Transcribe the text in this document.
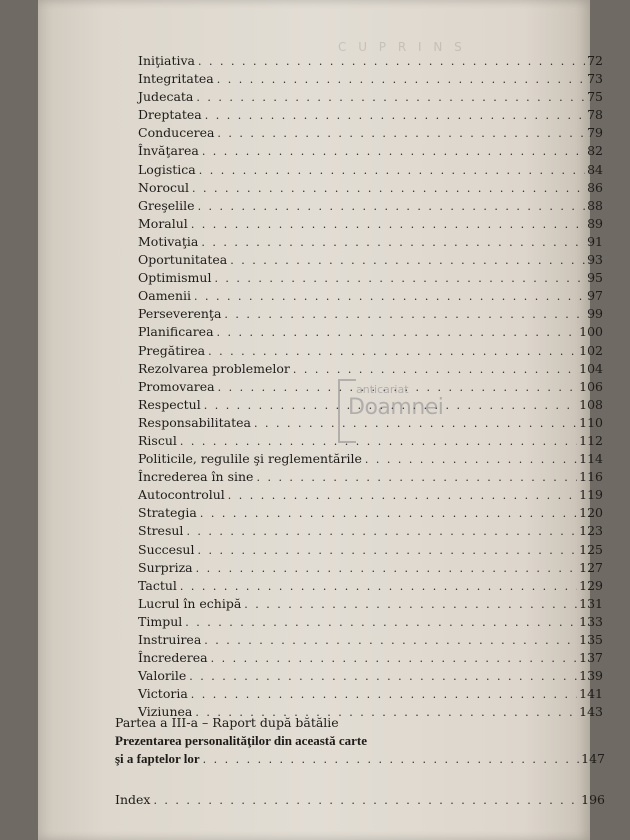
C U P R I N S
Iniţiativa . . .	72
Integritatea . . .	73
Judecata . . .	75
Dreptatea . . .	78
Conducerea . . .	79
Învăţarea . . .	82
Logistica . . .	84
Norocul . . .	86
Greşelile . . .	88
Moralul . . .	89
Motivaţia . . .	91
Oportunitatea . . .	93
Optimismul . . .	95
Oamenii . . .	97
Perseverenţa . . .	99
Planificarea . . .	100
Pregătirea . . .	102
Rezolvarea problemelor . . .	104
Promovarea . . .	106
Respectul . . .	108
Responsabilitatea . . .	110
Riscul . . .	112
Politicile, regulile şi reglementările . . .	114
Încrederea în sine . . .	116
Autocontrolul . . .	119
Strategia . . .	120
Stresul . . .	123
Succesul . . .	125
Surpriza . . .	127
Tactul . . .	129
Lucrul în echipă . . .	131
Timpul . . .	133
Instruirea . . .	135
Încrederea . . .	137
Valorile . . .	139
Victoria . . .	141
Viziunea . . .	143
anticariat
Doamnei
Partea a III-a – Raport după bătălie
Prezentarea personalităţilor din această carte
şi a faptelor lor . . .	147
Index . . .	196
